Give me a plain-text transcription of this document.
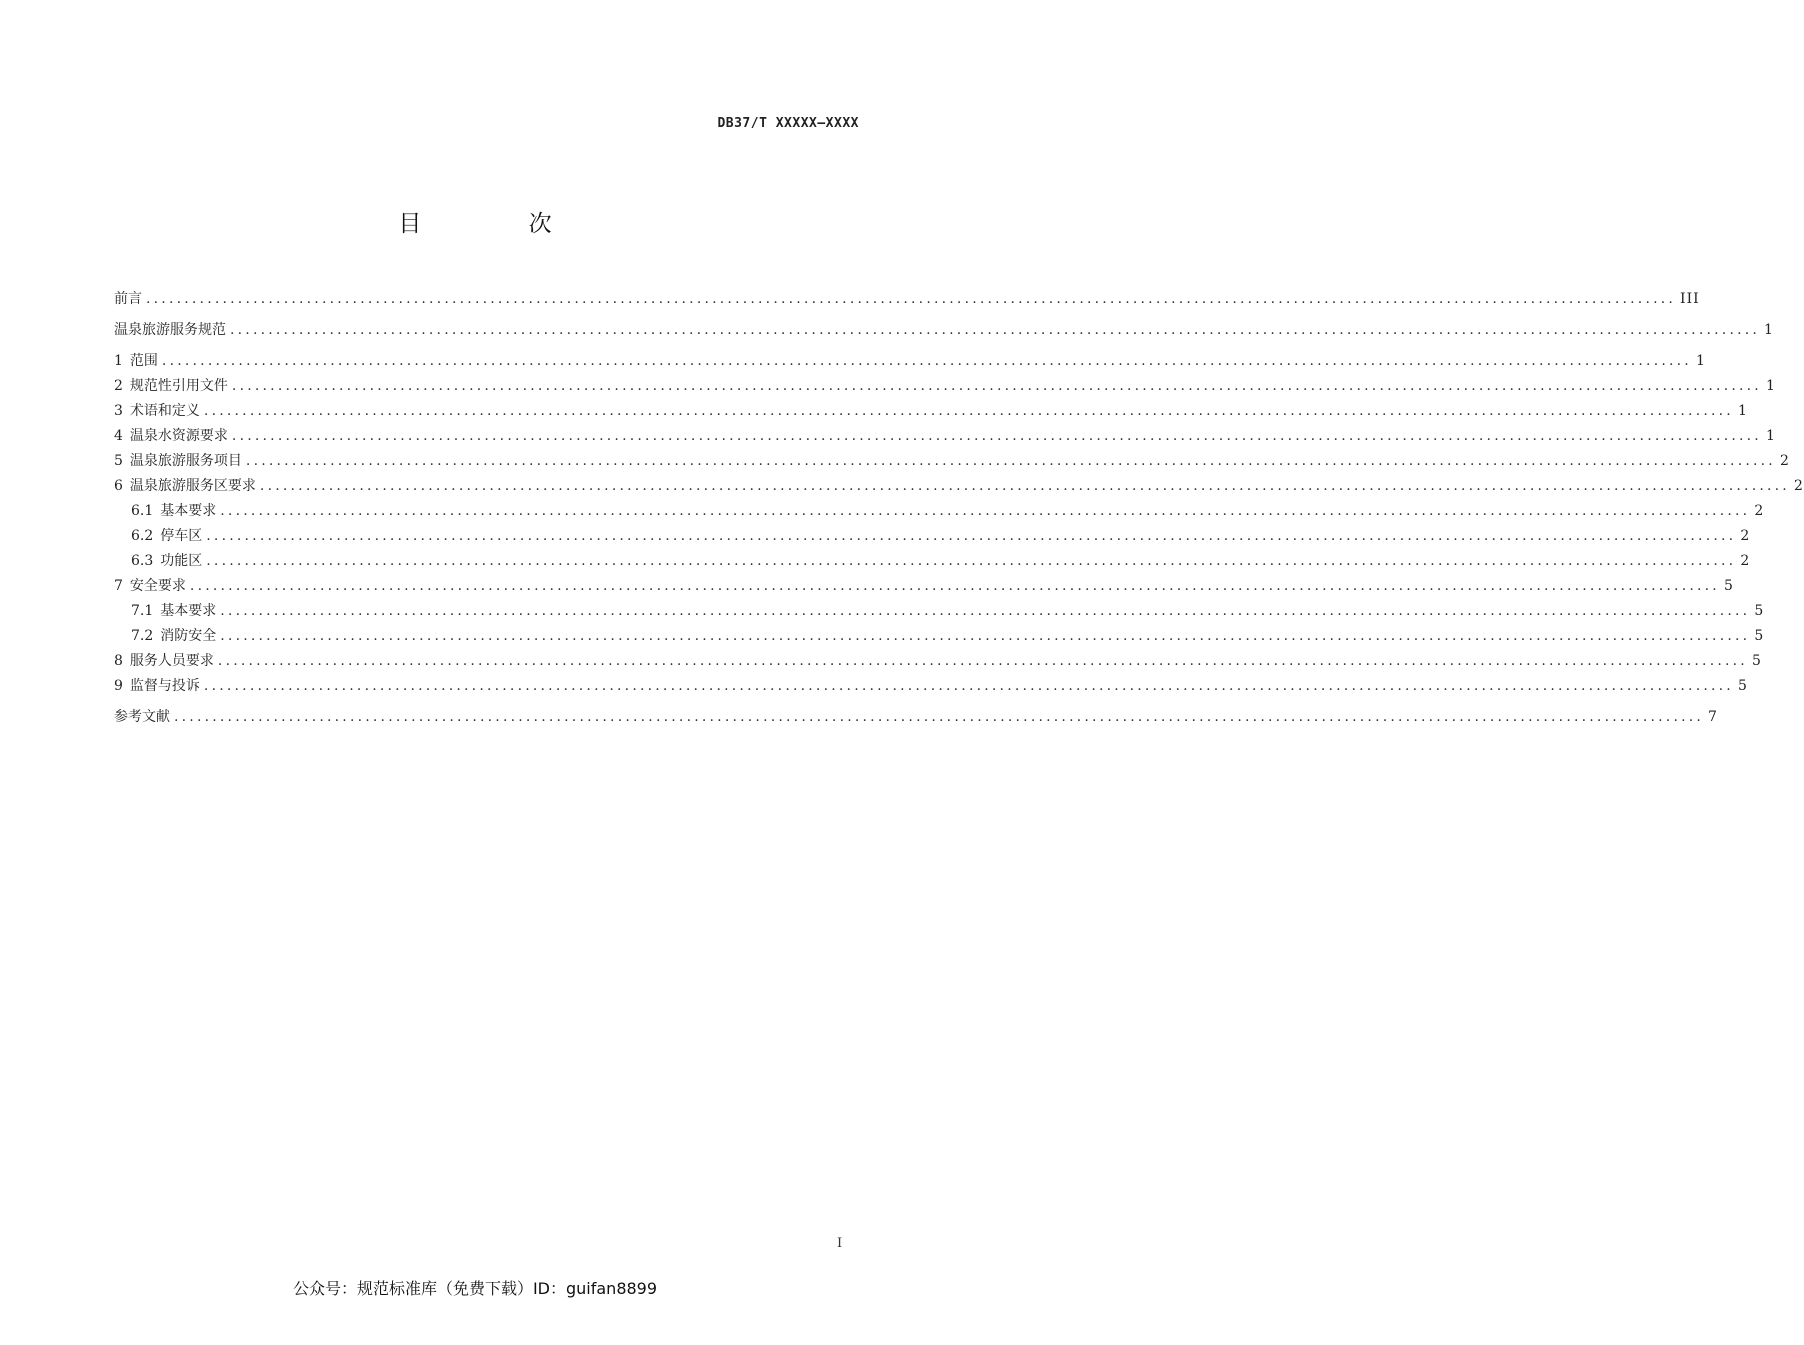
DB37/T XXXXX—XXXX
目 次
前言 ........................................................................................................................................................................................................ III
温泉旅游服务规范 ........................................................................................................................................................................................................ 1
1 范围 ........................................................................................................................................................................................................ 1
2 规范性引用文件 ........................................................................................................................................................................................................ 1
3 术语和定义 ........................................................................................................................................................................................................ 1
4 温泉水资源要求 ........................................................................................................................................................................................................ 1
5 温泉旅游服务项目 ........................................................................................................................................................................................................ 2
6 温泉旅游服务区要求 ........................................................................................................................................................................................................ 2
6.1 基本要求 ........................................................................................................................................................................................................ 2
6.2 停车区 ........................................................................................................................................................................................................ 2
6.3 功能区 ........................................................................................................................................................................................................ 2
7 安全要求 ........................................................................................................................................................................................................ 5
7.1 基本要求 ........................................................................................................................................................................................................ 5
7.2 消防安全 ........................................................................................................................................................................................................ 5
8 服务人员要求 ........................................................................................................................................................................................................ 5
9 监督与投诉 ........................................................................................................................................................................................................ 5
参考文献 ........................................................................................................................................................................................................ 7
I
公众号：规范标准库（免费下载）ID：guifan8899
